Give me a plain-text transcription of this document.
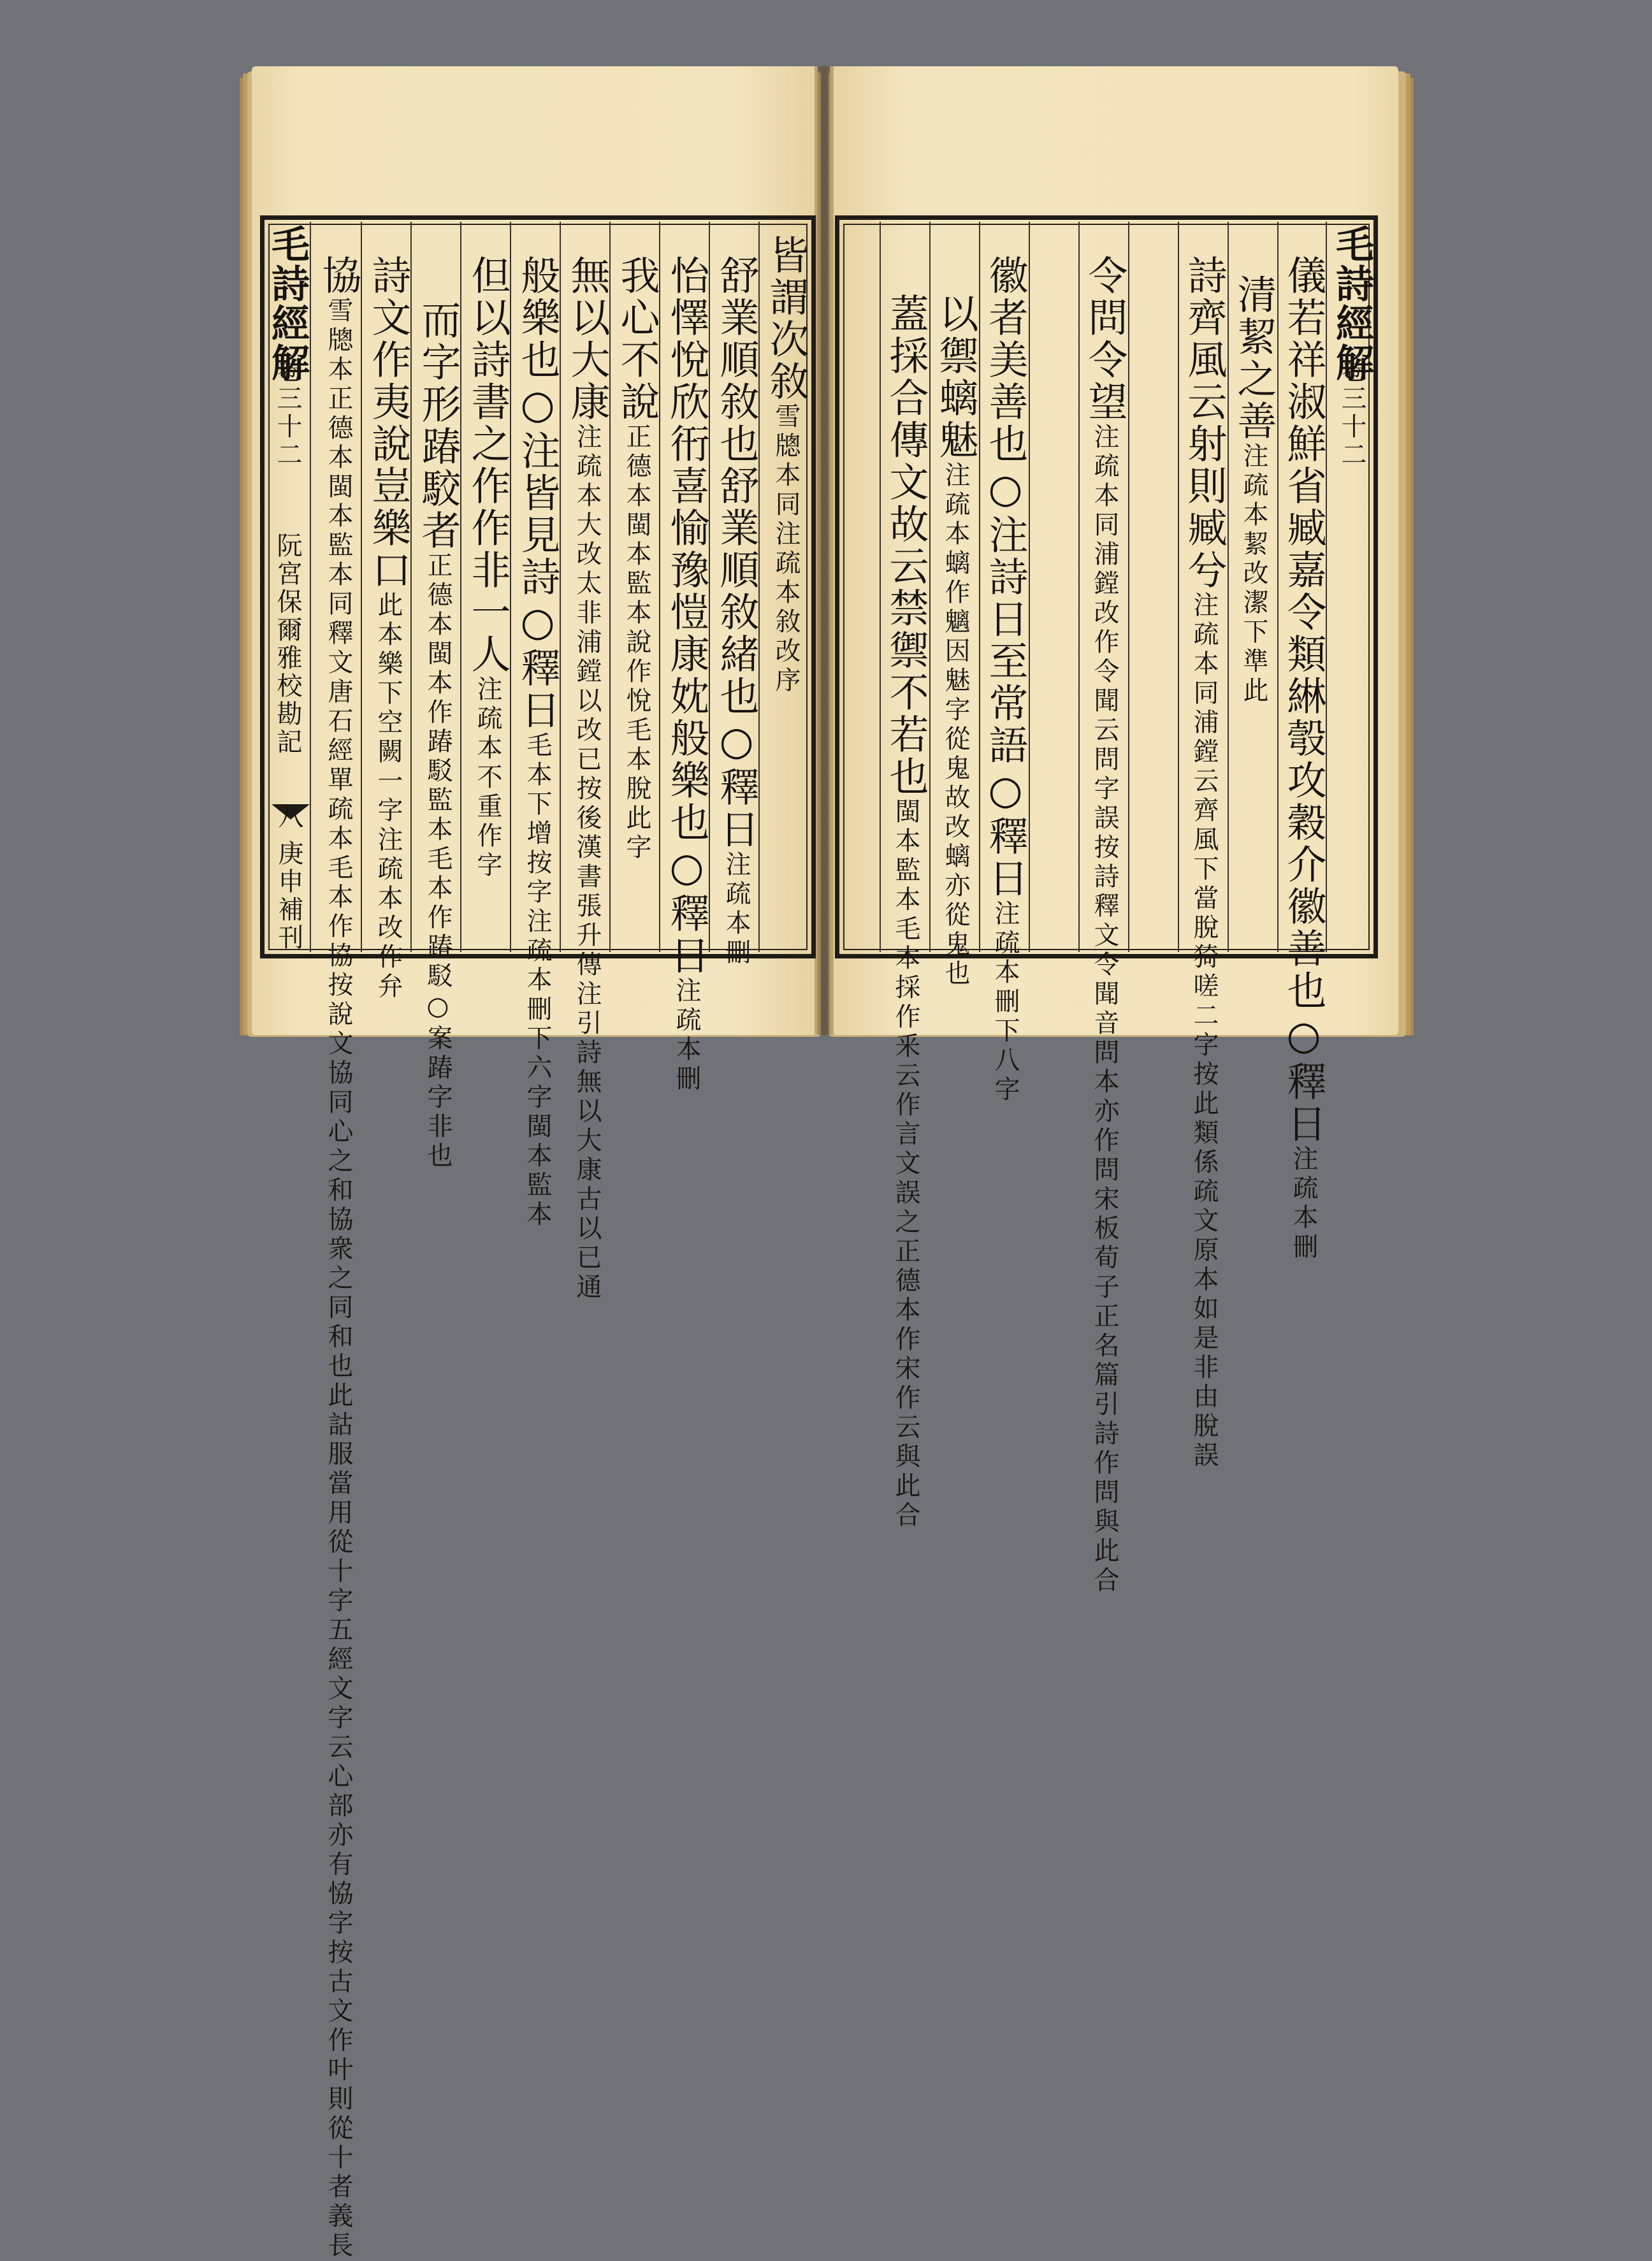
毛詩經解
卷三十二
阮宮保爾雅校勘記
八
庚申補刊
皆謂次敘雪牕本同注疏本敘改序
舒業順敘也舒業順敘緒也○釋日注疏本刪
怡懌悅欣衎喜愉豫愷康妉般樂也○釋日注疏本刪
我心不說正德本閩本監本說作悅毛本脫此字
無以大康注疏本大改太非浦鏜以改已按後漢書張升傳注引詩無以大康古以已通
般樂也○注皆見詩○釋日毛本下增按字注疏本刪下六字閩本監本
但以詩書之作作非一人注疏本不重作字
而字形踳駮者正德本閩本作踳駁監本毛本作踳駁○案踳字非也
詩文作夷說豈樂口此本樂下空闕一字注疏本改作弁
協雪牕本正德本閩本監本同釋文唐石經單疏本毛本作協按說文協同心之和協衆之同和也此詁服當用從十字五經文字云心部亦有恊字按古文作叶則從十者義長	毛詩經解
卷三十二
儀若祥淑鮮省臧嘉令類綝彀攻穀介徽善也○釋日注疏本刪
清絜之善注疏本絜改潔下準此
詩齊風云射則臧兮注疏本同浦鏜云齊風下當脫猗嗟二字按此類係疏文原本如是非由脫誤
令問令望注疏本同浦鏜改作令聞云問字誤按詩釋文令聞音問本亦作問宋板荀子正名篇引詩作問與此合
徽者美善也○注詩日至常語○釋日注疏本刪下八字
以禦螭魅注疏本螭作魑因魅字從鬼故改螭亦從鬼也
蓋採合傳文故云禁禦不若也閩本監本毛本採作釆云作言文誤之正德本作宋作云與此合
